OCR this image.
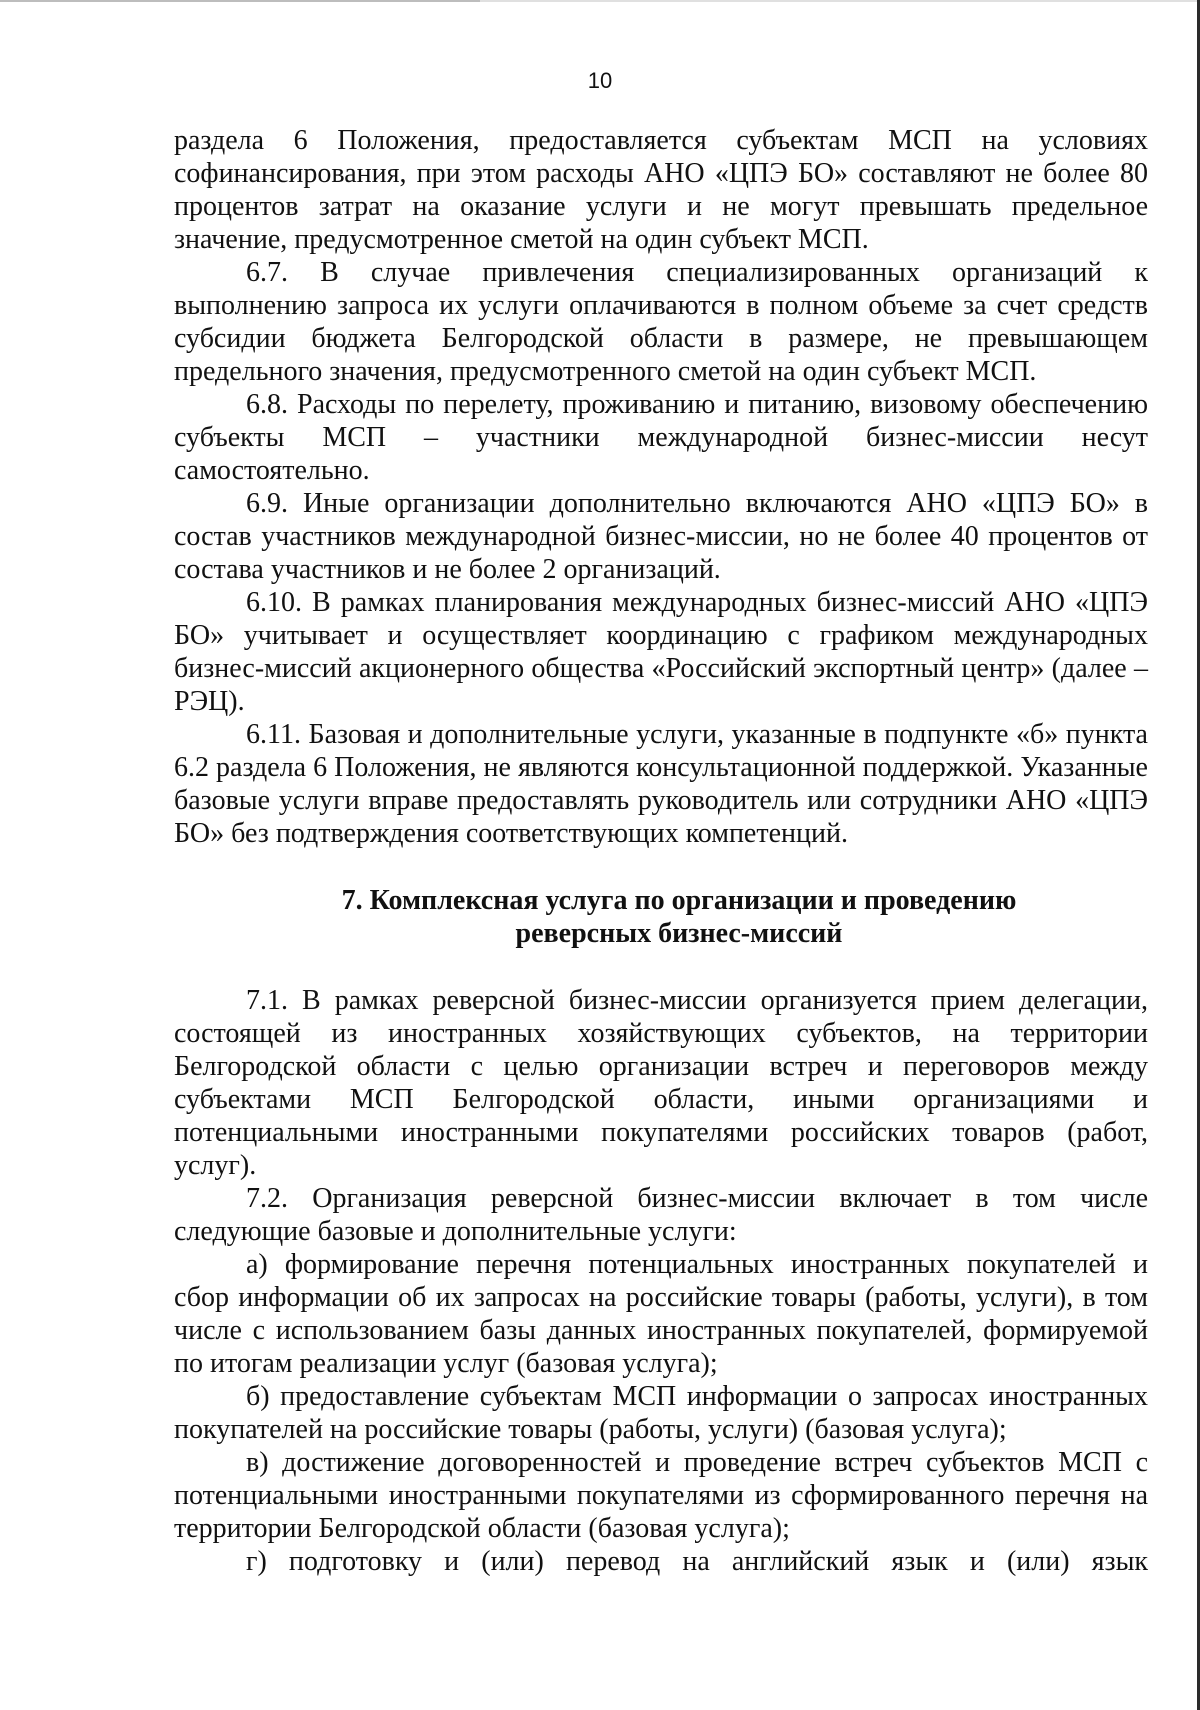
10

раздела 6 Положения, предоставляется субъектам МСП на условиях софинансирования, при этом расходы АНО «ЦПЭ БО» составляют не более 80 процентов затрат на оказание услуги и не могут превышать предельное значение, предусмотренное сметой на один субъект МСП.

6.7. В случае привлечения специализированных организаций к выполнению запроса их услуги оплачиваются в полном объеме за счет средств субсидии бюджета Белгородской области в размере, не превышающем предельного значения, предусмотренного сметой на один субъект МСП.

6.8. Расходы по перелету, проживанию и питанию, визовому обеспечению субъекты МСП – участники международной бизнес-миссии несут самостоятельно.

6.9. Иные организации дополнительно включаются АНО «ЦПЭ БО» в состав участников международной бизнес-миссии, но не более 40 процентов от состава участников и не более 2 организаций.

6.10. В рамках планирования международных бизнес-миссий АНО «ЦПЭ БО» учитывает и осуществляет координацию с графиком международных бизнес-миссий акционерного общества «Российский экспортный центр» (далее – РЭЦ).

6.11. Базовая и дополнительные услуги, указанные в подпункте «б» пункта 6.2 раздела 6 Положения, не являются консультационной поддержкой. Указанные базовые услуги вправе предоставлять руководитель или сотрудники АНО «ЦПЭ БО» без подтверждения соответствующих компетенций.

7. Комплексная услуга по организации и проведению
реверсных бизнес-миссий

7.1. В рамках реверсной бизнес-миссии организуется прием делегации, состоящей из иностранных хозяйствующих субъектов, на территории Белгородской области с целью организации встреч и переговоров между субъектами МСП Белгородской области, иными организациями и потенциальными иностранными покупателями российских товаров (работ, услуг).

7.2. Организация реверсной бизнес-миссии включает в том числе следующие базовые и дополнительные услуги:

а) формирование перечня потенциальных иностранных покупателей и сбор информации об их запросах на российские товары (работы, услуги), в том числе с использованием базы данных иностранных покупателей, формируемой по итогам реализации услуг (базовая услуга);

б) предоставление субъектам МСП информации о запросах иностранных покупателей на российские товары (работы, услуги) (базовая услуга);

в) достижение договоренностей и проведение встреч субъектов МСП с потенциальными иностранными покупателями из сформированного перечня на территории Белгородской области (базовая услуга);

г) подготовку и (или) перевод на английский язык и (или) язык
